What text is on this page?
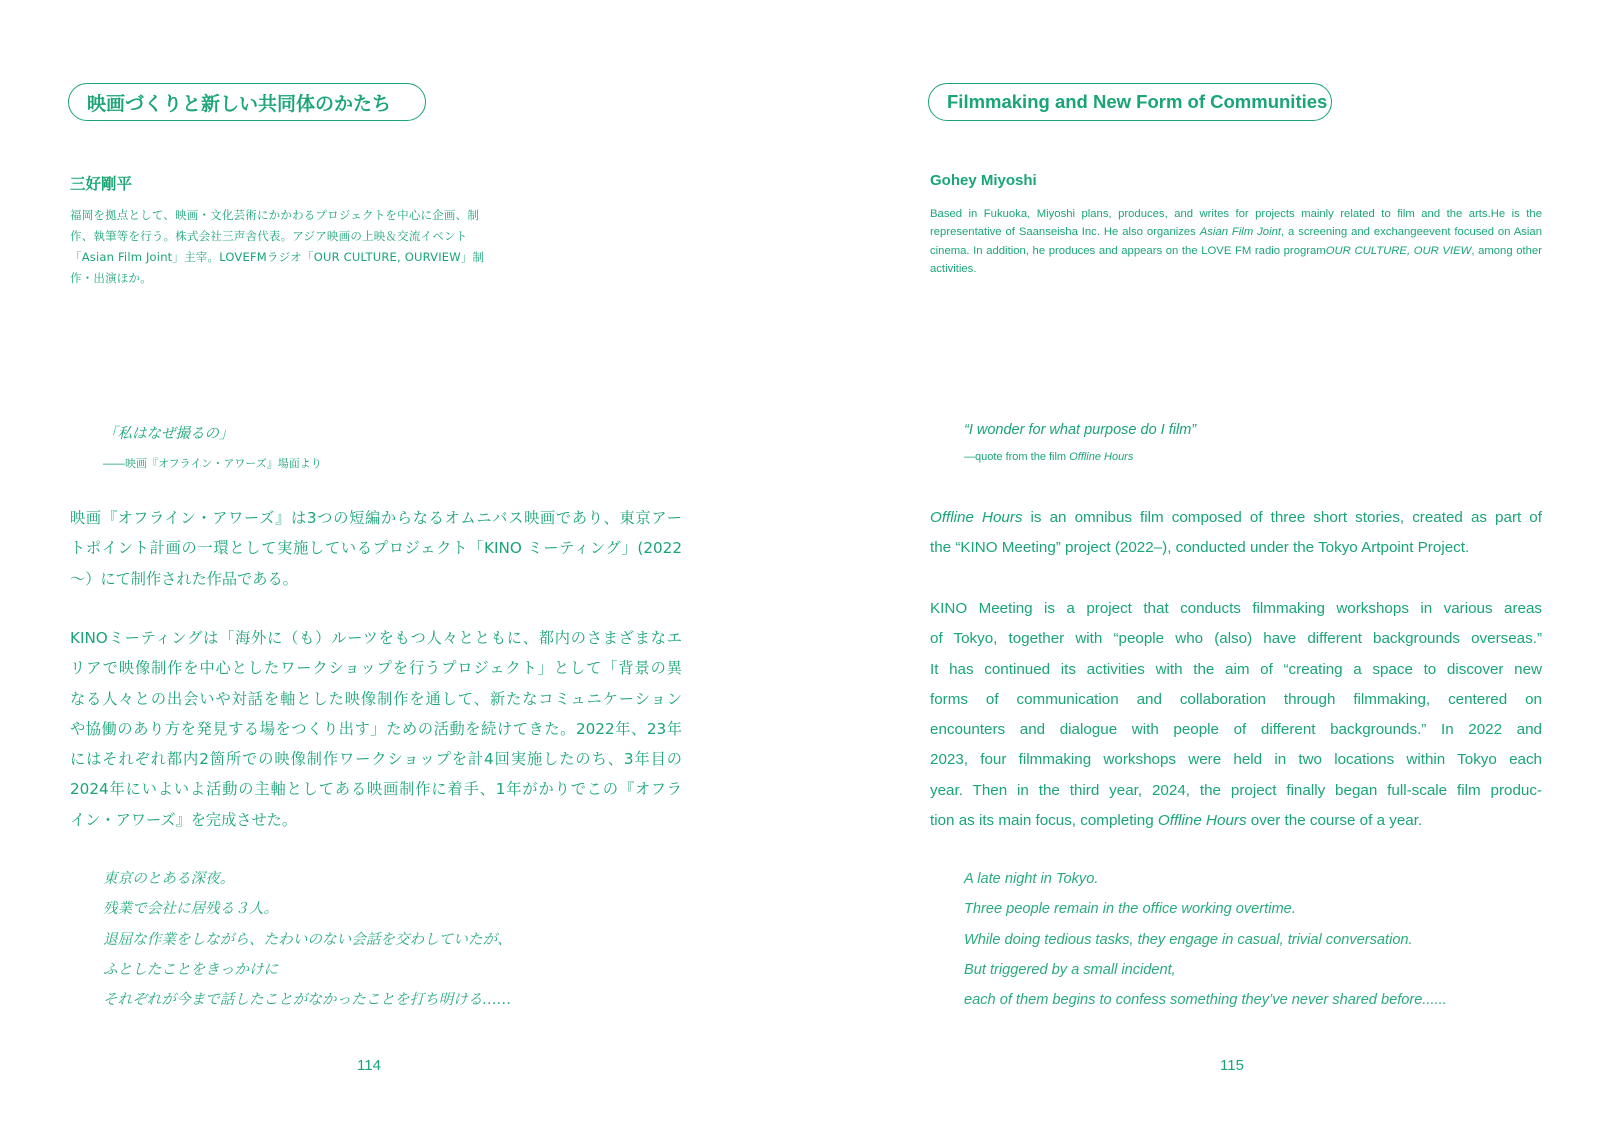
映画づくりと新しい共同体のかたち
三好剛平
福岡を拠点として、映画・文化芸術にかかわるプロジェクトを中心に企画、制作、執筆等を行う。株式会社三声舎代表。アジア映画の上映＆交流イベント「Asian Film Joint」主宰。LOVEFMラジオ「OUR CULTURE, OURVIEW」制作・出演ほか。
「私はなぜ撮るの」
――映画『オフライン・アワーズ』場面より
映画『オフライン・アワーズ』は3つの短編からなるオムニバス映画であり、東京アー
トポイント計画の一環として実施しているプロジェクト「KINO ミーティング」(2022
〜）にて制作された作品である。
KINOミーティングは「海外に（も）ルーツをもつ人々とともに、都内のさまざまなエ
リアで映像制作を中心としたワークショップを行うプロジェクト」として「背景の異
なる人々との出会いや対話を軸とした映像制作を通して、新たなコミュニケーション
や協働のあり方を発見する場をつくり出す」ための活動を続けてきた。2022年、23年
にはそれぞれ都内2箇所での映像制作ワークショップを計4回実施したのち、3年目の
2024年にいよいよ活動の主軸としてある映画制作に着手、1年がかりでこの『オフラ
イン・アワーズ』を完成させた。
東京のとある深夜。
残業で会社に居残る３人。
退屈な作業をしながら、たわいのない会話を交わしていたが、
ふとしたことをきっかけに
それぞれが今まで話したことがなかったことを打ち明ける……
114
Filmmaking and New Form of Communities
Gohey Miyoshi
Based in Fukuoka, Miyoshi plans, produces, and writes for projects mainly related to film and the arts.He is the representative of Saanseisha Inc. He also organizes Asian Film Joint, a screening and exchangeevent focused on Asian cinema. In addition, he produces and appears on the LOVE FM radio programOUR CULTURE, OUR VIEW, among other activities.
“I wonder for what purpose do I film”
—quote from the film Offline Hours
Offline Hours is an omnibus film composed of three short stories, created as part of
the “KINO Meeting” project (2022–), conducted under the Tokyo Artpoint Project.
KINO Meeting is a project that conducts filmmaking workshops in various areas
of Tokyo, together with “people who (also) have different backgrounds overseas.”
It has continued its activities with the aim of “creating a space to discover new
forms of communication and collaboration through filmmaking, centered on
encounters and dialogue with people of different backgrounds.” In 2022 and
2023, four filmmaking workshops were held in two locations within Tokyo each
year. Then in the third year, 2024, the project finally began full-scale film produc-
tion as its main focus, completing Offline Hours over the course of a year.
A late night in Tokyo.
Three people remain in the office working overtime.
While doing tedious tasks, they engage in casual, trivial conversation.
But triggered by a small incident,
each of them begins to confess something they’ve never shared before......
115
